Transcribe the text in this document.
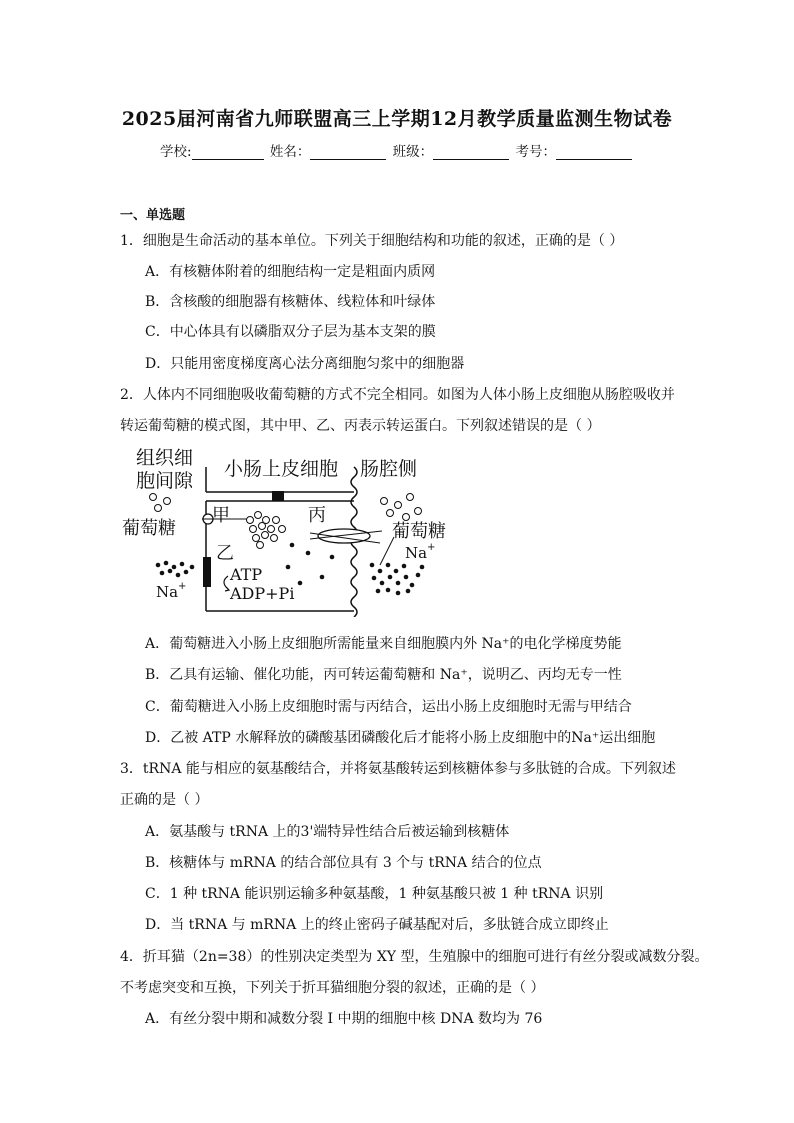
2025届河南省九师联盟高三上学期12月教学质量监测生物试卷
学校:	姓名：	班级：	考号：
一、单选题
1．细胞是生命活动的基本单位。下列关于细胞结构和功能的叙述，正确的是（ ）
A．有核糖体附着的细胞结构一定是粗面内质网
B．含核酸的细胞器有核糖体、线粒体和叶绿体
C．中心体具有以磷脂双分子层为基本支架的膜
D．只能用密度梯度离心法分离细胞匀浆中的细胞器
2．人体内不同细胞吸收葡萄糖的方式不完全相同。如图为人体小肠上皮细胞从肠腔吸收并
转运葡萄糖的模式图，其中甲、乙、丙表示转运蛋白。下列叙述错误的是（ ）
组织细
胞间隙
小肠上皮细胞 肠腔侧
甲
乙
ATP
ADP+Pi
丙
葡萄糖	葡萄糖
Na +
Na +
A．葡萄糖进入小肠上皮细胞所需能量来自细胞膜内外 Na⁺的电化学梯度势能
B．乙具有运输、催化功能，丙可转运葡萄糖和 Na⁺，说明乙、丙均无专一性
C．葡萄糖进入小肠上皮细胞时需与丙结合，运出小肠上皮细胞时无需与甲结合
D．乙被 ATP 水解释放的磷酸基团磷酸化后才能将小肠上皮细胞中的Na⁺运出细胞
3．tRNA 能与相应的氨基酸结合，并将氨基酸转运到核糖体参与多肽链的合成。下列叙述
正确的是（ ）
A．氨基酸与 tRNA 上的3'端特异性结合后被运输到核糖体
B．核糖体与 mRNA 的结合部位具有 3 个与 tRNA 结合的位点
C．1 种 tRNA 能识别运输多种氨基酸，1 种氨基酸只被 1 种 tRNA 识别
D．当 tRNA 与 mRNA 上的终止密码子碱基配对后，多肽链合成立即终止
4．折耳猫（2n=38）的性别决定类型为 XY 型，生殖腺中的细胞可进行有丝分裂或减数分裂。
不考虑突变和互换，下列关于折耳猫细胞分裂的叙述，正确的是（ ）
A．有丝分裂中期和减数分裂 I 中期的细胞中核 DNA 数均为 76
